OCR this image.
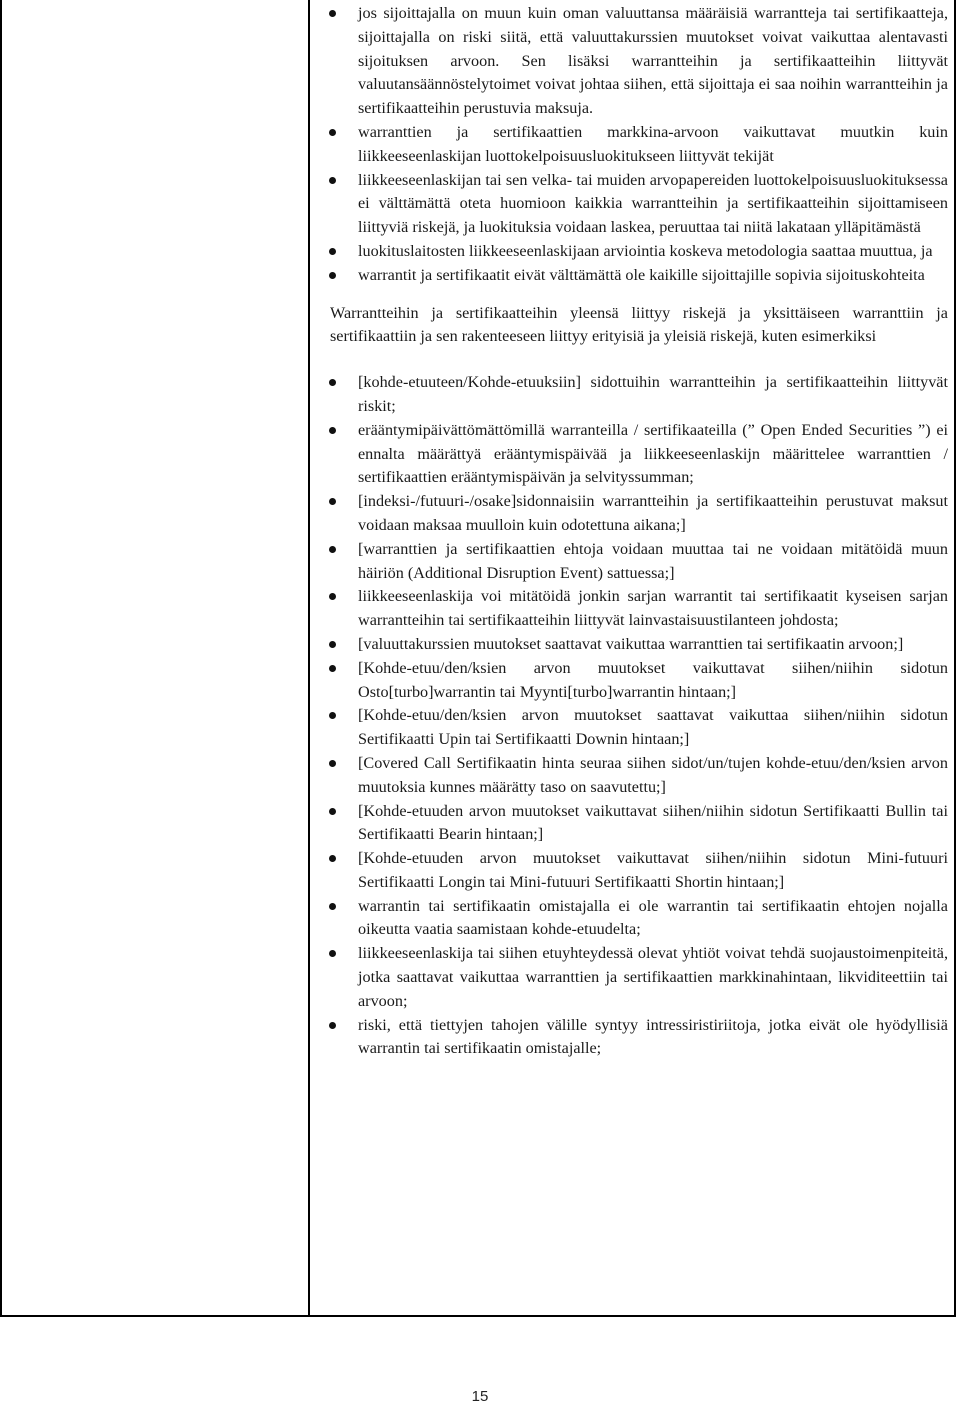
jos sijoittajalla on muun kuin oman valuuttansa määräisiä warrantteja tai sertifikaatteja, sijoittajalla on riski siitä, että valuuttakurssien muutokset voivat vaikuttaa alentavasti sijoituksen arvoon. Sen lisäksi warrantteihin ja sertifikaatteihin liittyvät valuutansäännöstelytoimet voivat johtaa siihen, että sijoittaja ei saa noihin warrantteihin ja sertifikaatteihin perustuvia maksuja.
warranttien ja sertifikaattien markkina-arvoon vaikuttavat muutkin kuin liikkeeseenlaskijan luottokelpoisuusluokitukseen liittyvät tekijät
liikkeeseenlaskijan tai sen velka- tai muiden arvopapereiden luottokelpoisuusluokituksessa ei välttämättä oteta huomioon kaikkia warrantteihin ja sertifikaatteihin sijoittamiseen liittyviä riskejä, ja luokituksia voidaan laskea, peruuttaa tai niitä lakataan ylläpitämästä
luokituslaitosten liikkeeseenlaskijaan arviointia koskeva metodologia saattaa muuttua, ja
warrantit ja sertifikaatit eivät välttämättä ole kaikille sijoittajille sopivia sijoituskohteita

Warrantteihin ja sertifikaatteihin yleensä liittyy riskejä ja yksittäiseen warranttiin ja sertifikaattiin ja sen rakenteeseen liittyy erityisiä ja yleisiä riskejä, kuten esimerkiksi

[kohde-etuuteen/Kohde-etuuksiin] sidottuihin warrantteihin ja sertifikaatteihin liittyvät riskit;
erääntymipäivättömättömillä warranteilla / sertifikaateilla (” Open Ended Securities ”) ei ennalta määrättyä erääntymispäivää ja liikkeeseenlaskijn määrittelee warranttien / sertifikaattien erääntymispäivän ja selvityssumman;
[indeksi-/futuuri-/osake]sidonnaisiin warrantteihin ja sertifikaatteihin perustuvat maksut voidaan maksaa muulloin kuin odotettuna aikana;]
[warranttien ja sertifikaattien ehtoja voidaan muuttaa tai ne voidaan mitätöidä muun häiriön (Additional Disruption Event) sattuessa;]
liikkeeseenlaskija voi mitätöidä jonkin sarjan warrantit tai sertifikaatit kyseisen sarjan warrantteihin tai sertifikaatteihin liittyvät lainvastaisuustilanteen johdosta;
[valuuttakurssien muutokset saattavat vaikuttaa warranttien tai sertifikaatin arvoon;]
[Kohde-etuu/den/ksien arvon muutokset vaikuttavat siihen/niihin sidotun Osto[turbo]warrantin tai Myynti[turbo]warrantin hintaan;]
[Kohde-etuu/den/ksien arvon muutokset saattavat vaikuttaa siihen/niihin sidotun Sertifikaatti Upin tai Sertifikaatti Downin hintaan;]
[Covered Call Sertifikaatin hinta seuraa siihen sidot/un/tujen kohde-etuu/den/ksien arvon muutoksia kunnes määrätty taso on saavutettu;]
[Kohde-etuuden arvon muutokset vaikuttavat siihen/niihin sidotun Sertifikaatti Bullin tai Sertifikaatti Bearin hintaan;]
[Kohde-etuuden arvon muutokset vaikuttavat siihen/niihin sidotun Mini-futuuri Sertifikaatti Longin tai Mini-futuuri Sertifikaatti Shortin hintaan;]
warrantin tai sertifikaatin omistajalla ei ole warrantin tai sertifikaatin ehtojen nojalla oikeutta vaatia saamistaan kohde-etuudelta;
liikkeeseenlaskija tai siihen etuyhteydessä olevat yhtiöt voivat tehdä suojaustoimenpiteitä, jotka saattavat vaikuttaa warranttien ja sertifikaattien markkinahintaan, likviditeettiin tai arvoon;
riski, että tiettyjen tahojen välille syntyy intressiristiriitoja, jotka eivät ole hyödyllisiä warrantin tai sertifikaatin omistajalle;
15
